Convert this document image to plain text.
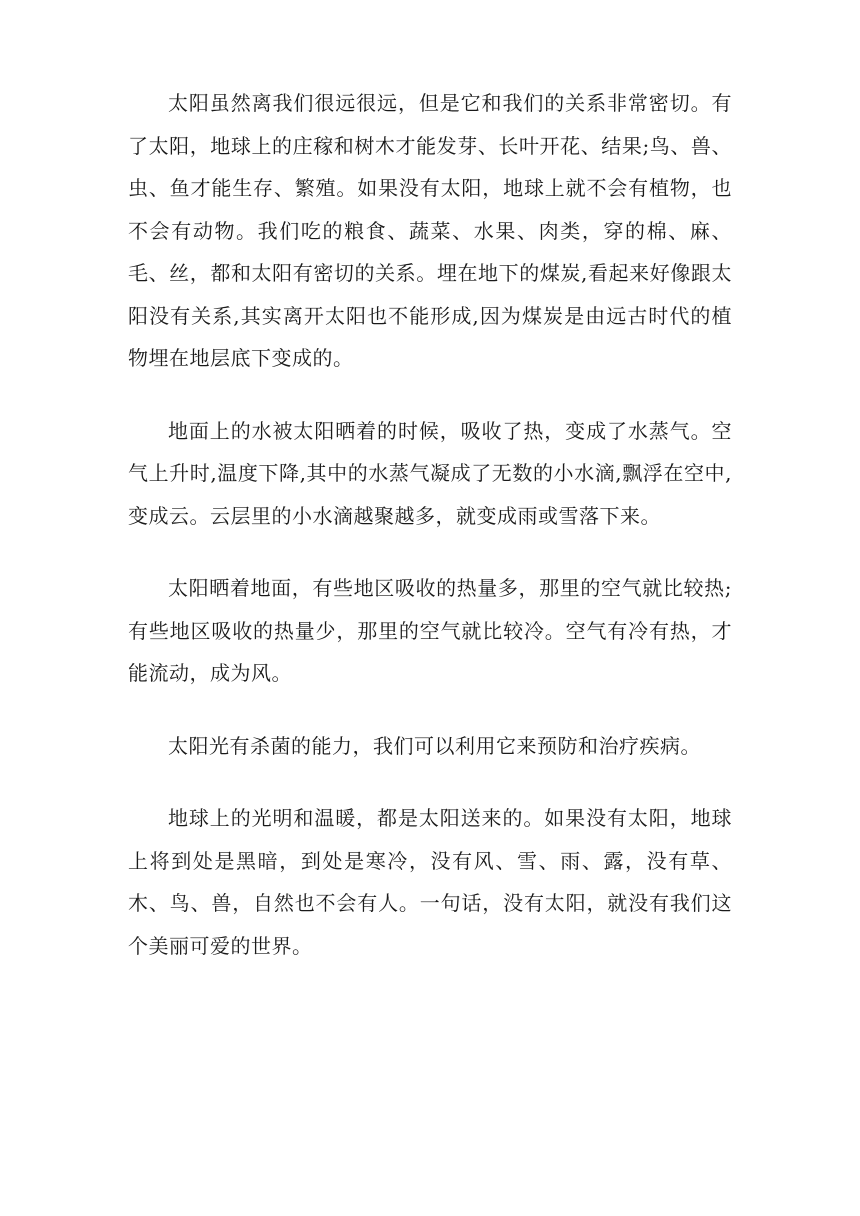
太阳虽然离我们很远很远，但是它和我们的关系非常密切。有了太阳，地球上的庄稼和树木才能发芽、长叶开花、结果;鸟、兽、虫、鱼才能生存、繁殖。如果没有太阳，地球上就不会有植物，也不会有动物。我们吃的粮食、蔬菜、水果、肉类，穿的棉、麻、毛、丝，都和太阳有密切的关系。埋在地下的煤炭,看起来好像跟太阳没有关系,其实离开太阳也不能形成,因为煤炭是由远古时代的植物埋在地层底下变成的。

地面上的水被太阳晒着的时候，吸收了热，变成了水蒸气。空气上升时,温度下降,其中的水蒸气凝成了无数的小水滴,飘浮在空中,变成云。云层里的小水滴越聚越多，就变成雨或雪落下来。

太阳晒着地面，有些地区吸收的热量多，那里的空气就比较热;有些地区吸收的热量少，那里的空气就比较冷。空气有冷有热，才能流动，成为风。

太阳光有杀菌的能力，我们可以利用它来预防和治疗疾病。

地球上的光明和温暖，都是太阳送来的。如果没有太阳，地球上将到处是黑暗，到处是寒冷，没有风、雪、雨、露，没有草、木、鸟、兽，自然也不会有人。一句话，没有太阳，就没有我们这个美丽可爱的世界。
